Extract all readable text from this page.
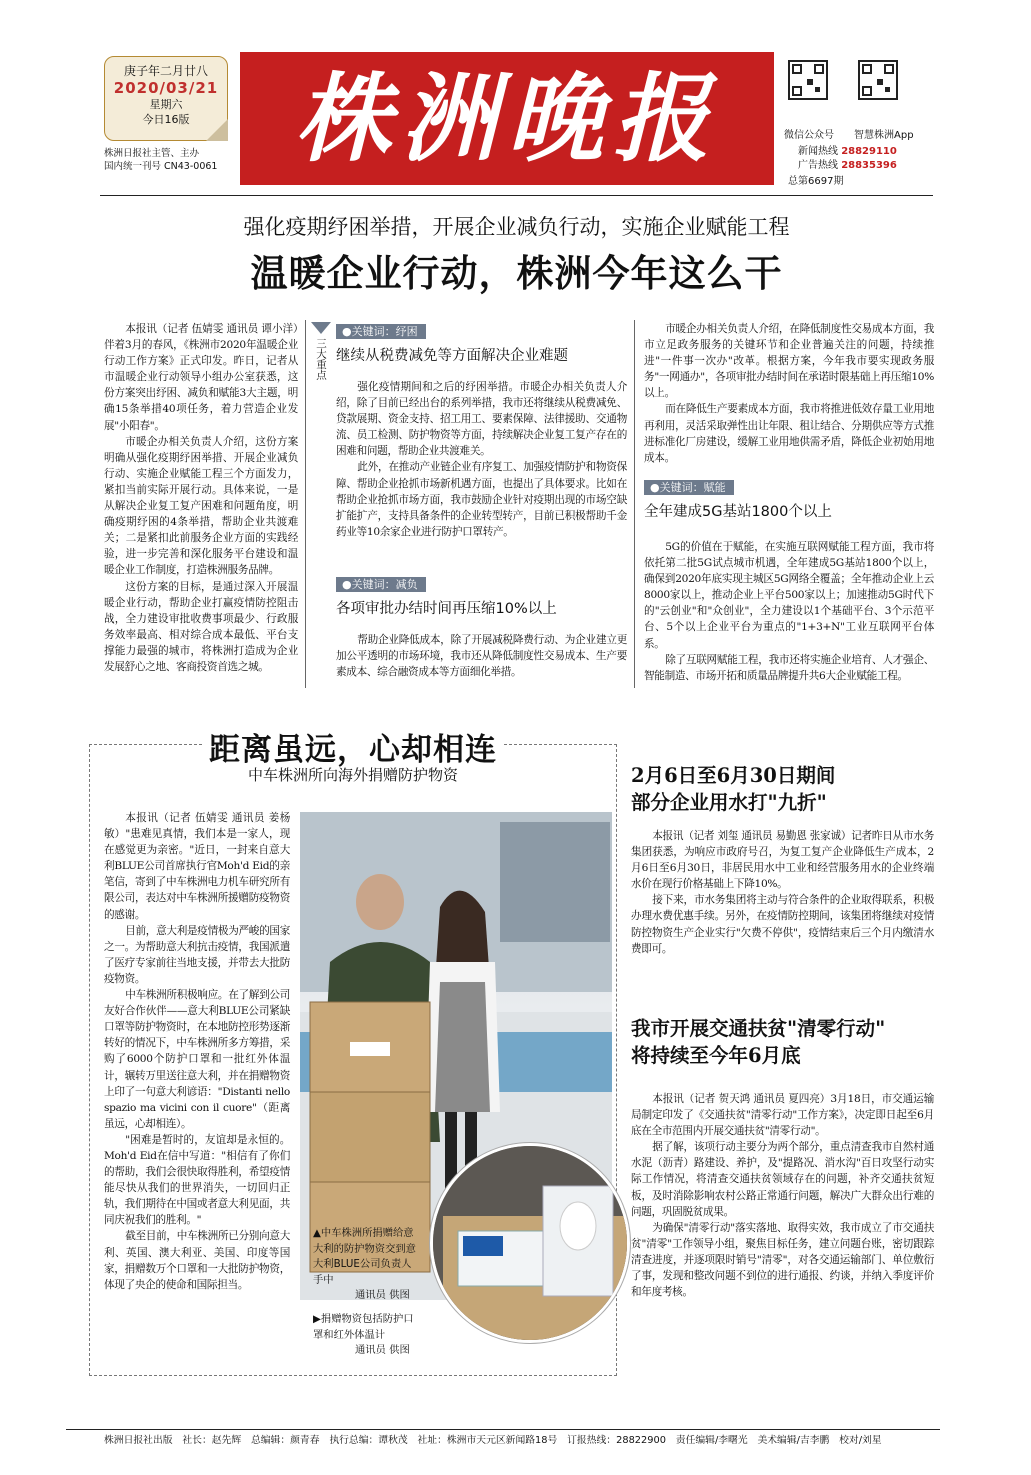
庚子年二月廿八
2020/03/21
星期六
今日16版
株洲日报社主管、主办
国内统一刊号 CN43-0061 株洲晚报	微信公众号 智慧株洲App
新闻热线 28829110
广告热线 28835396
总第6697期
强化疫期纾困举措，开展企业减负行动，实施企业赋能工程
温暖企业行动，株洲今年这么干

本报讯（记者 伍婧雯 通讯员 谭小洋）伴着3月的春风，《株洲市2020年温暖企业行动工作方案》正式印发。昨日，记者从市温暖企业行动领导小组办公室获悉，这份方案突出纾困、减负和赋能3大主题，明确15条举措40项任务，着力营造企业发展"小阳春"。

市暖企办相关负责人介绍，这份方案明确从强化疫期纾困举措、开展企业减负行动、实施企业赋能工程三个方面发力，紧扣当前实际开展行动。具体来说，一是从解决企业复工复产困难和问题角度，明确疫期纾困的4条举措，帮助企业共渡难关；二是紧扣此前服务企业方面的实践经验，进一步完善和深化服务平台建设和温暖企业工作制度，打造株洲服务品牌。

这份方案的目标，是通过深入开展温暖企业行动，帮助企业打赢疫情防控阻击战，全力建设审批收费事项最少、行政服务效率最高、相对综合成本最低、平台支撑能力最强的城市，将株洲打造成为企业发展舒心之地、客商投资首选之城。

三大重点
●关键词：纾困
继续从税费减免等方面解决企业难题

强化疫情期间和之后的纾困举措。市暖企办相关负责人介绍，除了目前已经出台的系列举措，我市还将继续从税费减免、贷款展期、资金支持、招工用工、要素保障、法律援助、交通物流、员工检测、防护物资等方面，持续解决企业复工复产存在的困难和问题，帮助企业共渡难关。

此外，在推动产业链企业有序复工、加强疫情防护和物资保障、帮助企业抢抓市场新机遇方面，也提出了具体要求。比如在帮助企业抢抓市场方面，我市鼓励企业针对疫期出现的市场空缺扩能扩产，支持具备条件的企业转型转产，目前已积极帮助千金药业等10余家企业进行防护口罩转产。

●关键词：减负
各项审批办结时间再压缩10%以上

帮助企业降低成本，除了开展减税降费行动、为企业建立更加公平透明的市场环境，我市还从降低制度性交易成本、生产要素成本、综合融资成本等方面细化举措。

市暖企办相关负责人介绍，在降低制度性交易成本方面，我市立足政务服务的关键环节和企业普遍关注的问题，持续推进"一件事一次办"改革。根据方案，今年我市要实现政务服务"一网通办"，各项审批办结时间在承诺时限基础上再压缩10%以上。

而在降低生产要素成本方面，我市将推进低效存量工业用地再利用，灵活采取弹性出让年限、租让结合、分期供应等方式推进标准化厂房建设，缓解工业用地供需矛盾，降低企业初始用地成本。

●关键词：赋能
全年建成5G基站1800个以上

5G的价值在于赋能，在实施互联网赋能工程方面，我市将依托第二批5G试点城市机遇，全年建成5G基站1800个以上，确保到2020年底实现主城区5G网络全覆盖；全年推动企业上云8000家以上，推动企业上平台500家以上；加速推动5G时代下的"云创业"和"众创业"，全力建设以1个基础平台、3个示范平台、5个以上企业平台为重点的"1+3+N"工业互联网平台体系。

除了互联网赋能工程，我市还将实施企业培育、人才强企、智能制造、市场开拓和质量品牌提升共6大企业赋能工程。

距离虽远，心却相连
中车株洲所向海外捐赠防护物资

本报讯（记者 伍婧雯 通讯员 姜杨敏）"患难见真情，我们本是一家人，现在感觉更为亲密。"近日，一封来自意大利BLUE公司首席执行官Moh'd Eid的亲笔信，寄到了中车株洲电力机车研究所有限公司，表达对中车株洲所援赠防疫物资的感谢。

目前，意大利是疫情极为严峻的国家之一。为帮助意大利抗击疫情，我国派遣了医疗专家前往当地支援，并带去大批防疫物资。

中车株洲所积极响应。在了解到公司友好合作伙伴——意大利BLUE公司紧缺口罩等防护物资时，在本地防控形势逐渐转好的情况下，中车株洲所多方筹措，采购了6000个防护口罩和一批红外体温计，辗转万里送往意大利，并在捐赠物资上印了一句意大利谚语："Distanti nello spazio ma vicini con il cuore"（距离虽远，心却相连）。

"困难是暂时的，友谊却是永恒的。Moh'd Eid在信中写道："相信有了你们的帮助，我们会很快取得胜利，希望疫情能尽快从我们的世界消失，一切回归正轨，我们期待在中国或者意大利见面，共同庆祝我们的胜利。"

截至目前，中车株洲所已分别向意大利、英国、澳大利亚、美国、印度等国家，捐赠数万个口罩和一大批防护物资，体现了央企的使命和国际担当。

▲中车株洲所捐赠给意大利的防护物资交到意大利BLUE公司负责人手中
通讯员 供图
▶捐赠物资包括防护口罩和红外体温计
通讯员 供图
2月6日至6月30日期间
部分企业用水打"九折"

本报讯（记者 刘玺 通讯员 易勤恩 张家诚）记者昨日从市水务集团获悉，为响应市政府号召，为复工复产企业降低生产成本，2月6日至6月30日，非居民用水中工业和经营服务用水的企业终端水价在现行价格基础上下降10%。

接下来，市水务集团将主动与符合条件的企业取得联系，积极办理水费优惠手续。另外，在疫情防控期间，该集团将继续对疫情防控物资生产企业实行"欠费不停供"，疫情结束后三个月内缴清水费即可。

我市开展交通扶贫"清零行动"
将持续至今年6月底

本报讯（记者 贺天鸿 通讯员 夏四亮）3月18日，市交通运输局制定印发了《交通扶贫"清零行动"工作方案》，决定即日起至6月底在全市范围内开展交通扶贫"清零行动"。

据了解，该项行动主要分为两个部分，重点清查我市自然村通水泥（沥青）路建设、养护，及"提路况、消水沟"百日攻坚行动实际工作情况，将清查交通扶贫领域存在的问题，补齐交通扶贫短板，及时消除影响农村公路正常通行问题，解决广大群众出行难的问题，巩固脱贫成果。

为确保"清零行动"落实落地、取得实效，我市成立了市交通扶贫"清零"工作领导小组，聚焦目标任务，建立问题台账，密切跟踪清查进度，并逐项限时销号"清零"，对各交通运输部门、单位敷衍了事，发现和整改问题不到位的进行通报、约谈，并纳入季度评价和年度考核。

株洲日报社出版　社长：赵先辉　总编辑：颜青春　执行总编：谭秋茂　社址：株洲市天元区新闻路18号　订报热线：28822900　责任编辑/李曙光　美术编辑/吉李鹏　校对/刘星
